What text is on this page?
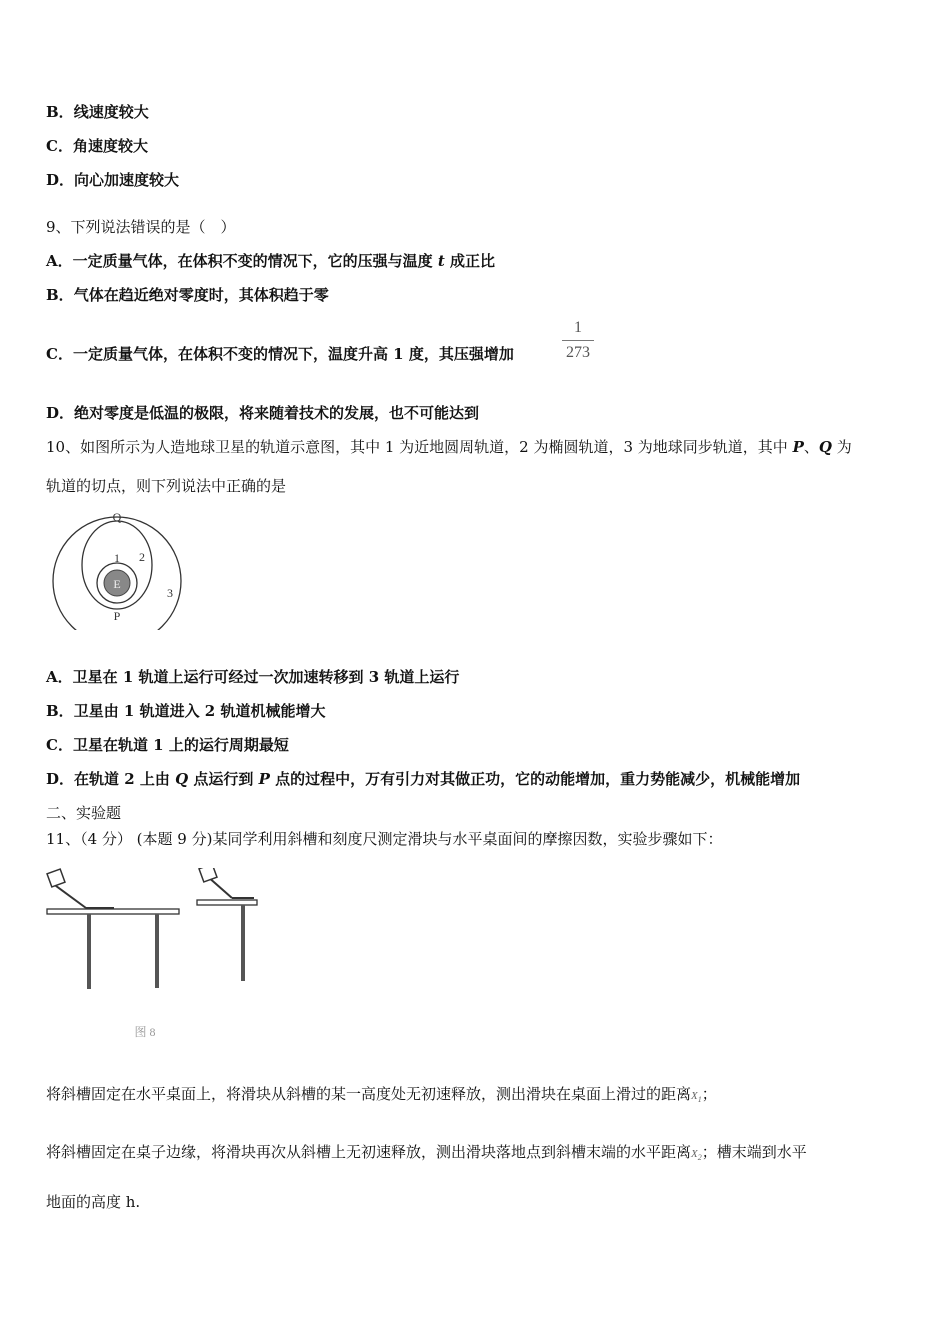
B．线速度较大
C．角速度较大
D．向心加速度较大
9、下列说法错误的是（　）
A．一定质量气体，在体积不变的情况下，它的压强与温度 t 成正比
B．气体在趋近绝对零度时，其体积趋于零
C．一定质量气体，在体积不变的情况下，温度升高 1 度，其压强增加
1
273
D．绝对零度是低温的极限，将来随着技术的发展，也不可能达到
10、如图所示为人造地球卫星的轨道示意图，其中 1 为近地圆周轨道，2 为椭圆轨道，3 为地球同步轨道，其中 P、Q 为
轨道的切点，则下列说法中正确的是
E
Q
P
1 2
3
A．卫星在 1 轨道上运行可经过一次加速转移到 3 轨道上运行
B．卫星由 1 轨道进入 2 轨道机械能增大
C．卫星在轨道 1 上的运行周期最短
D．在轨道 2 上由 Q 点运行到 P 点的过程中，万有引力对其做正功，它的动能增加，重力势能减少，机械能增加
二、实验题
11、（4 分） (本题 9 分)某同学利用斜槽和刻度尺测定滑块与水平桌面间的摩擦因数，实验步骤如下：
图 8
将斜槽固定在水平桌面上，将滑块从斜槽的某一高度处无初速释放，测出滑块在桌面上滑过的距离$X_1$；
将斜槽固定在桌子边缘，将滑块再次从斜槽上无初速释放，测出滑块落地点到斜槽末端的水平距离$X_2$；槽末端到水平
地面的高度 h.
